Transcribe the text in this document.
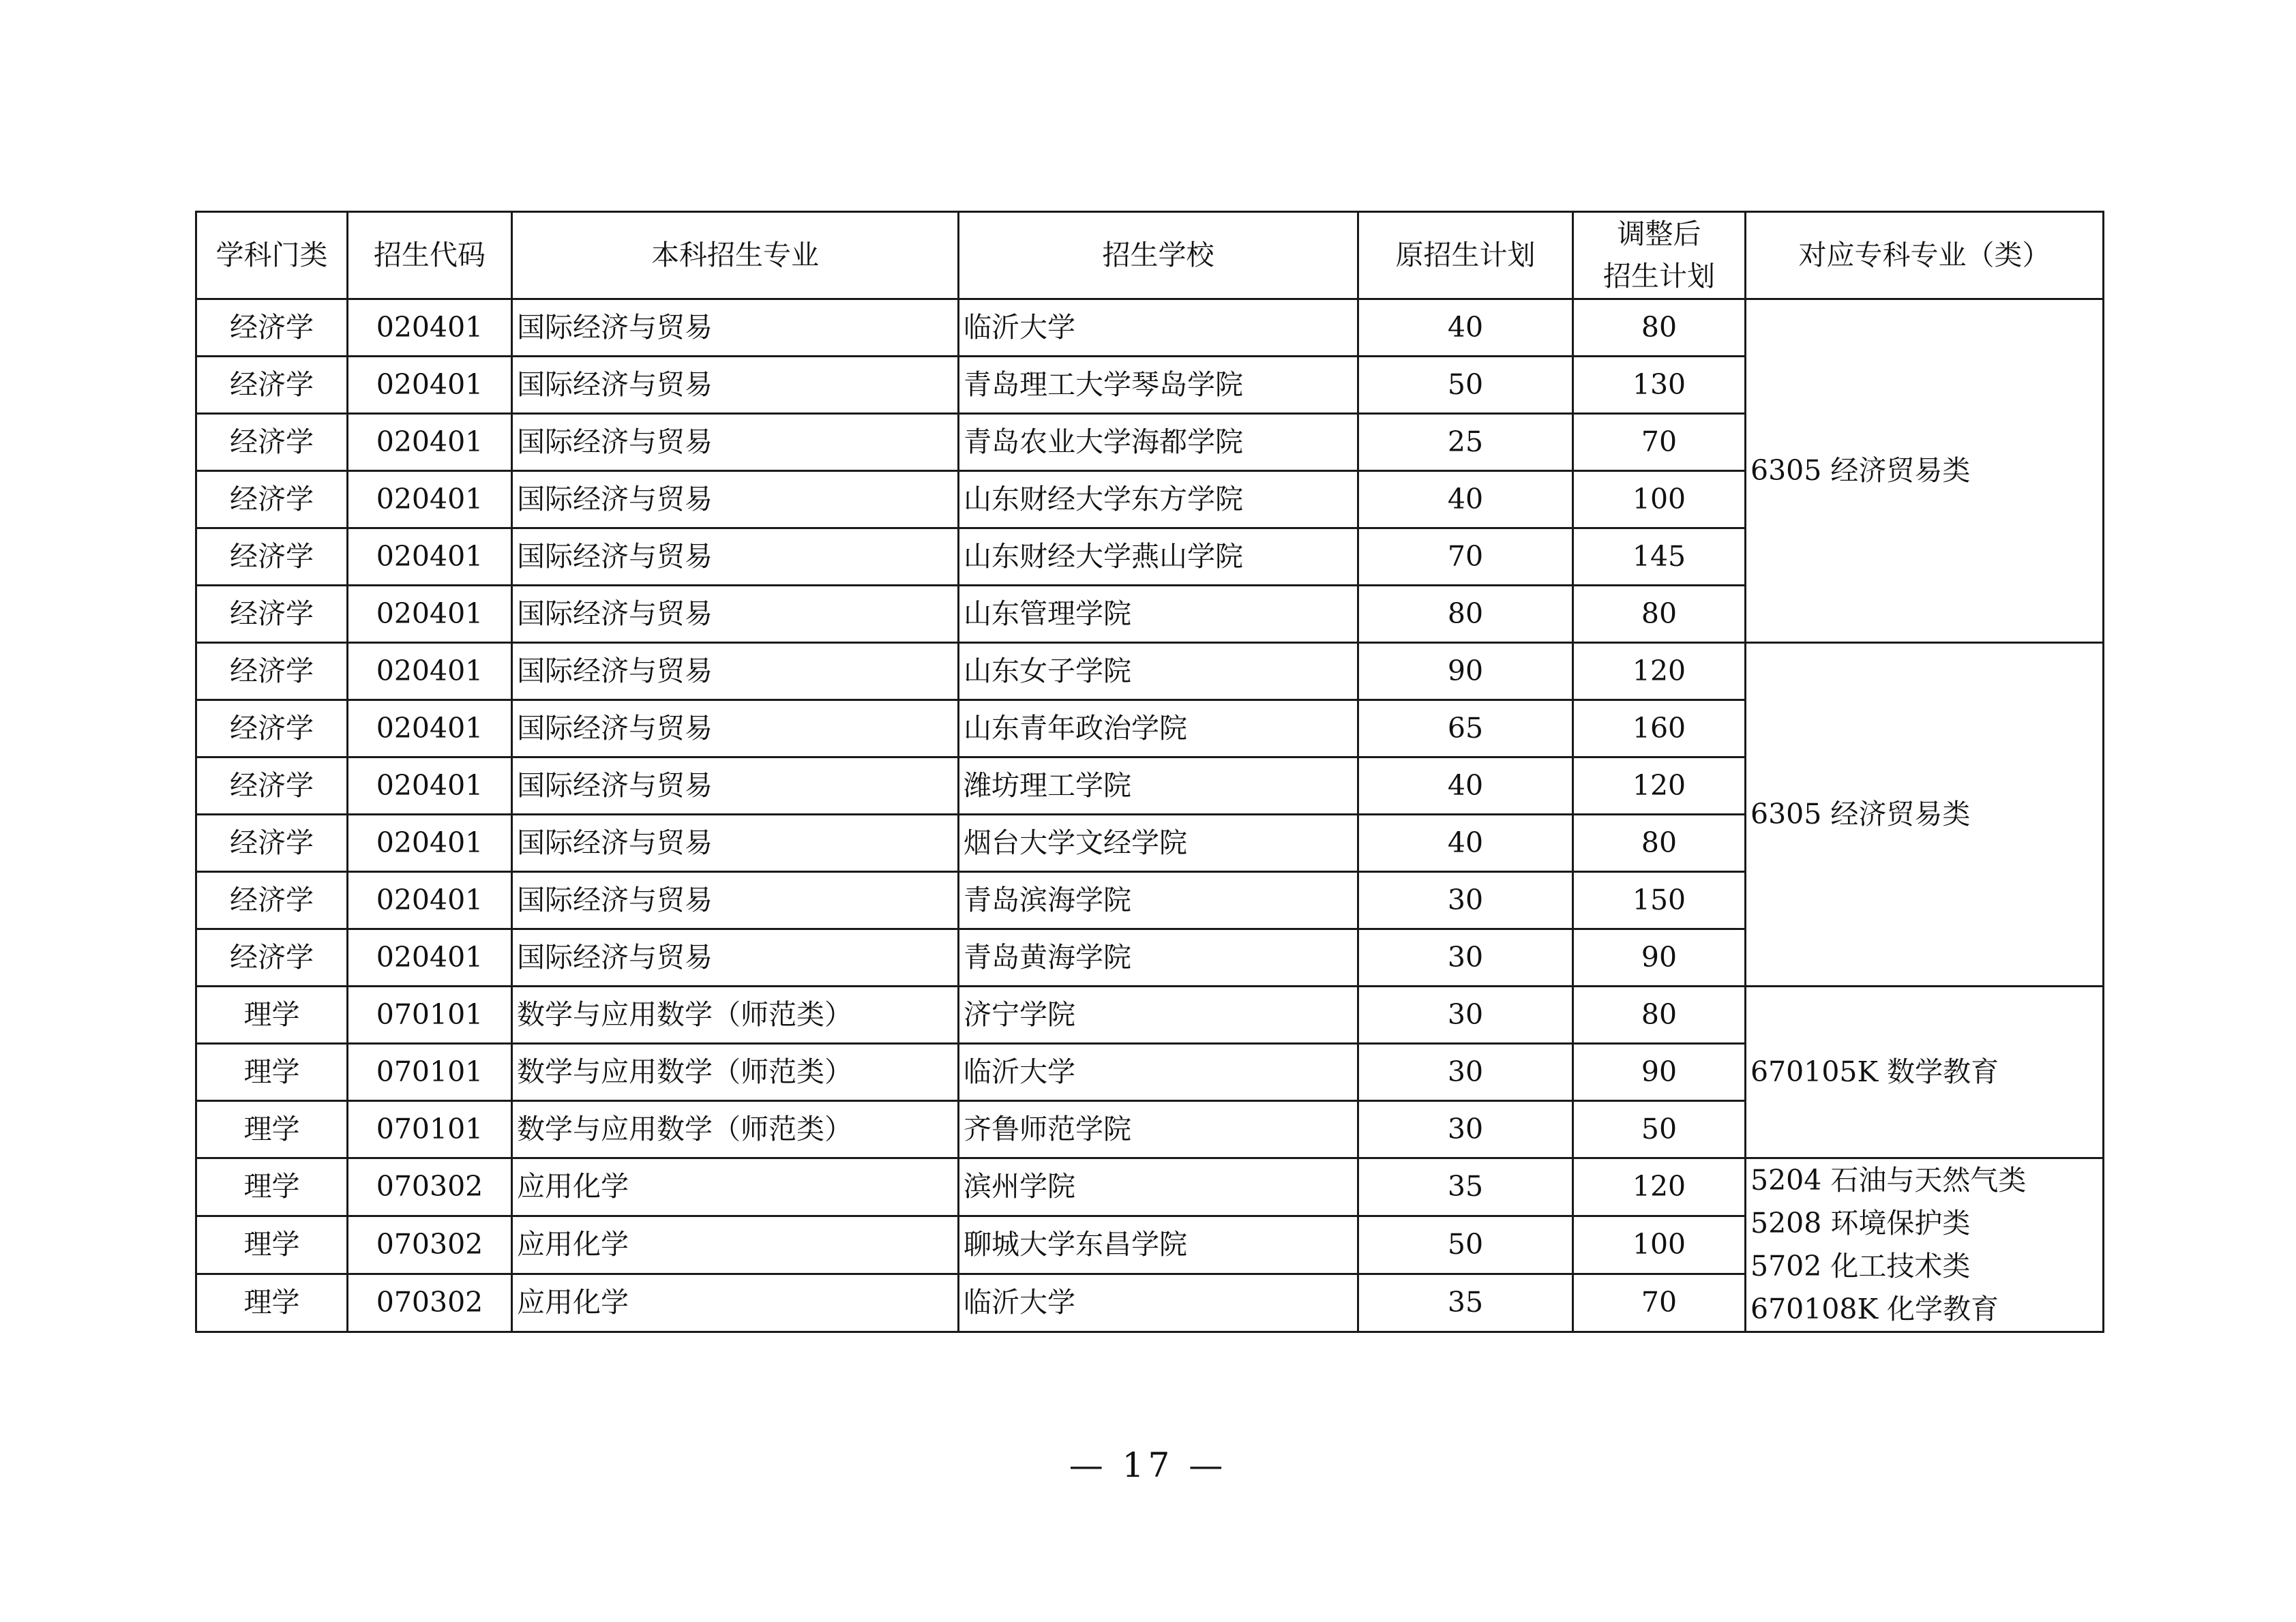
学科门类	招生代码	本科招生专业	招生学校	原招生计划	调整后
招生计划	对应专科专业（类）
经济学	020401	国际经济与贸易	临沂大学	40	80	6305 经济贸易类

经济学	020401	国际经济与贸易	青岛理工大学琴岛学院	50	130	
经济学	020401	国际经济与贸易	青岛农业大学海都学院	25	70	
经济学	020401	国际经济与贸易	山东财经大学东方学院	40	100	
经济学	020401	国际经济与贸易	山东财经大学燕山学院	70	145	
经济学	020401	国际经济与贸易	山东管理学院	80	80	
经济学	020401	国际经济与贸易	山东女子学院	90	120	6305 经济贸易类

经济学	020401	国际经济与贸易	山东青年政治学院	65	160	
经济学	020401	国际经济与贸易	潍坊理工学院	40	120	
经济学	020401	国际经济与贸易	烟台大学文经学院	40	80	
经济学	020401	国际经济与贸易	青岛滨海学院	30	150	
经济学	020401	国际经济与贸易	青岛黄海学院	30	90	
理学	070101	数学与应用数学（师范类）	济宁学院	30	80	670105K 数学教育

理学	070101	数学与应用数学（师范类）	临沂大学	30	90	
理学	070101	数学与应用数学（师范类）	齐鲁师范学院	30	50	
理学	070302	应用化学	滨州学院	35	120	5204 石油与天然气类
5208 环境保护类
5702 化工技术类
670108K 化学教育

理学	070302	应用化学	聊城大学东昌学院	50	100	
理学	070302	应用化学	临沂大学	35	70	
— 17 —
